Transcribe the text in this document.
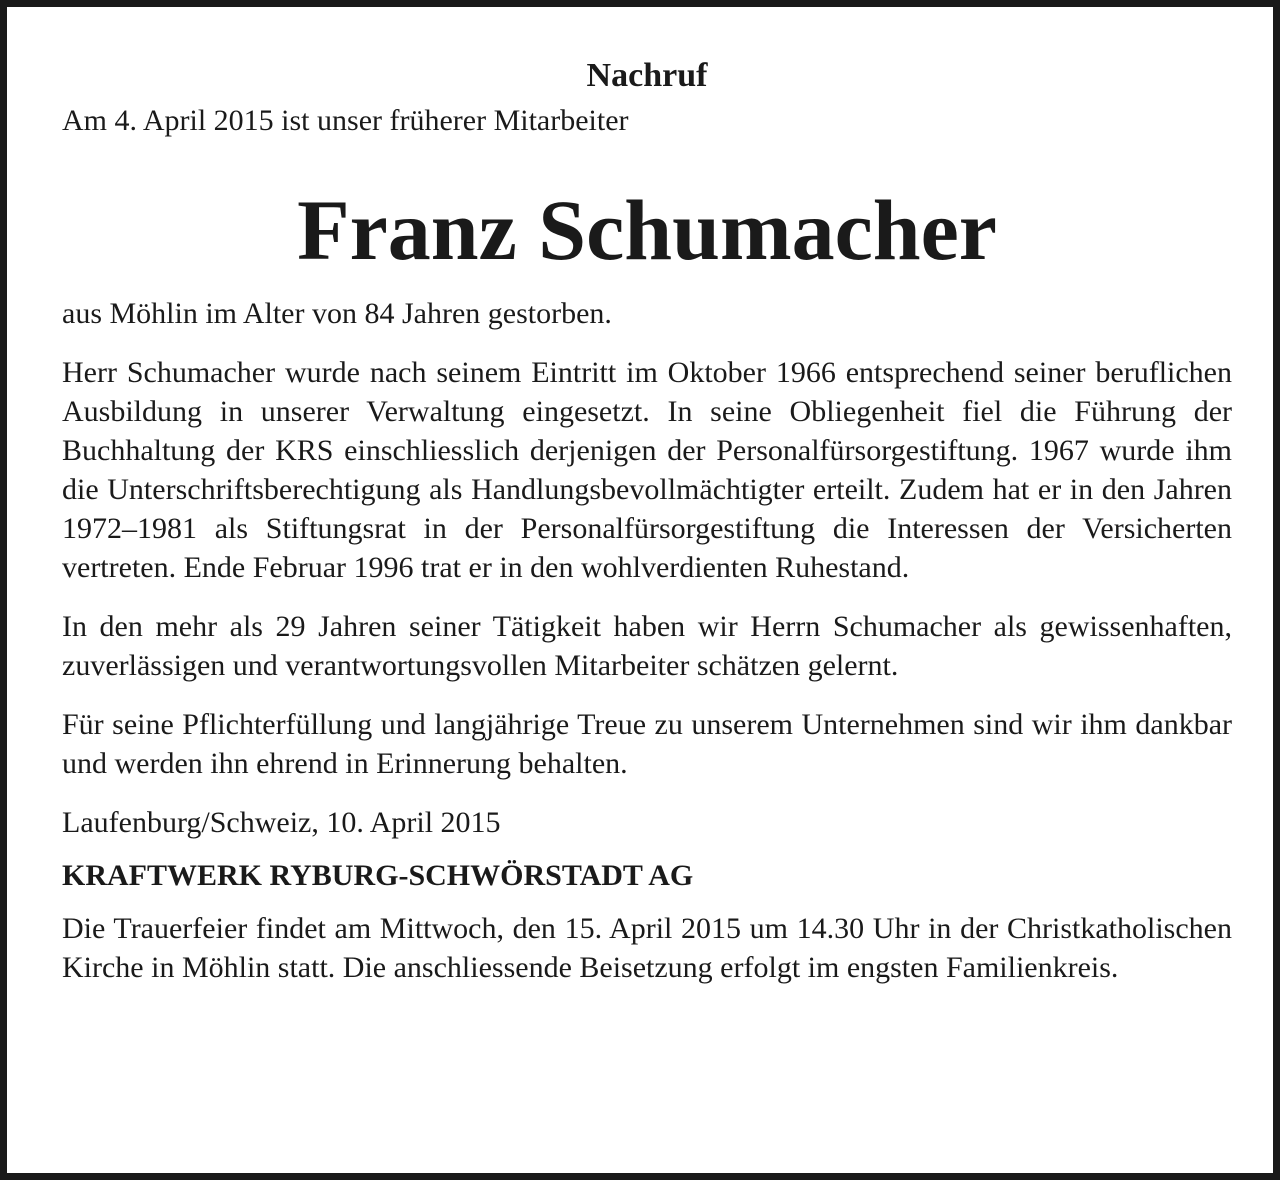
Nachruf

Am 4. April 2015 ist unser früherer Mitarbeiter

Franz Schumacher

aus Möhlin im Alter von 84 Jahren gestorben.

Herr Schumacher wurde nach seinem Eintritt im Oktober 1966 entsprechend seiner beruflichen Ausbildung in unserer Verwaltung eingesetzt. In seine Obliegenheit fiel die Führung der Buchhaltung der KRS einschliesslich derjenigen der Personalfürsorgestiftung. 1967 wurde ihm die Unterschriftsberechtigung als Handlungsbevollmächtigter erteilt. Zudem hat er in den Jahren 1972–1981 als Stiftungsrat in der Personalfürsorgestiftung die Interessen der Versicherten vertreten. Ende Februar 1996 trat er in den wohlverdienten Ruhestand.

In den mehr als 29 Jahren seiner Tätigkeit haben wir Herrn Schumacher als gewissenhaften, zuverlässigen und verantwortungsvollen Mitarbeiter schätzen gelernt.

Für seine Pflichterfüllung und langjährige Treue zu unserem Unternehmen sind wir ihm dankbar und werden ihn ehrend in Erinnerung behalten.

Laufenburg/Schweiz, 10. April 2015

KRAFTWERK RYBURG-SCHWÖRSTADT AG

Die Trauerfeier findet am Mittwoch, den 15. April 2015 um 14.30 Uhr in der Christkatholischen Kirche in Möhlin statt. Die anschliessende Beisetzung erfolgt im engsten Familienkreis.
